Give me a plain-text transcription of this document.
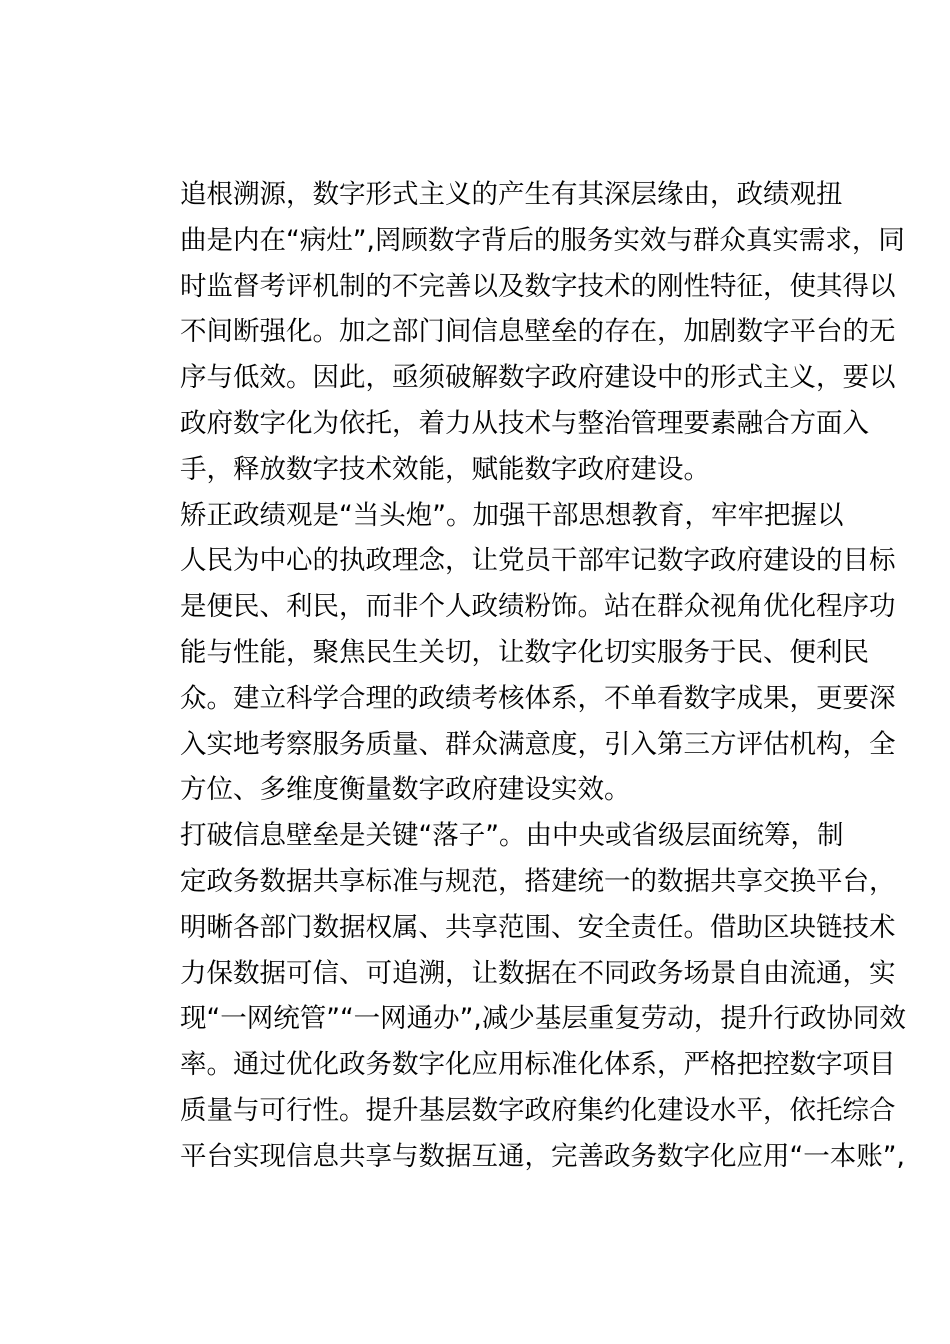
追根溯源，数字形式主义的产生有其深层缘由，政绩观扭
曲是内在“病灶”,罔顾数字背后的服务实效与群众真实需求，同
时监督考评机制的不完善以及数字技术的刚性特征，使其得以
不间断强化。加之部门间信息壁垒的存在，加剧数字平台的无
序与低效。因此，亟须破解数字政府建设中的形式主义，要以
政府数字化为依托，着力从技术与整治管理要素融合方面入
手，释放数字技术效能，赋能数字政府建设。

矫正政绩观是“当头炮”。加强干部思想教育，牢牢把握以
人民为中心的执政理念，让党员干部牢记数字政府建设的目标
是便民、利民，而非个人政绩粉饰。站在群众视角优化程序功
能与性能，聚焦民生关切，让数字化切实服务于民、便利民
众。建立科学合理的政绩考核体系，不单看数字成果，更要深
入实地考察服务质量、群众满意度，引入第三方评估机构，全
方位、多维度衡量数字政府建设实效。

打破信息壁垒是关键“落子”。由中央或省级层面统筹，制
定政务数据共享标准与规范，搭建统一的数据共享交换平台，
明晰各部门数据权属、共享范围、安全责任。借助区块链技术
力保数据可信、可追溯，让数据在不同政务场景自由流通，实
现“一网统管”“一网通办”,减少基层重复劳动，提升行政协同效
率。通过优化政务数字化应用标准化体系，严格把控数字项目
质量与可行性。提升基层数字政府集约化建设水平，依托综合
平台实现信息共享与数据互通，完善政务数字化应用“一本账”,
